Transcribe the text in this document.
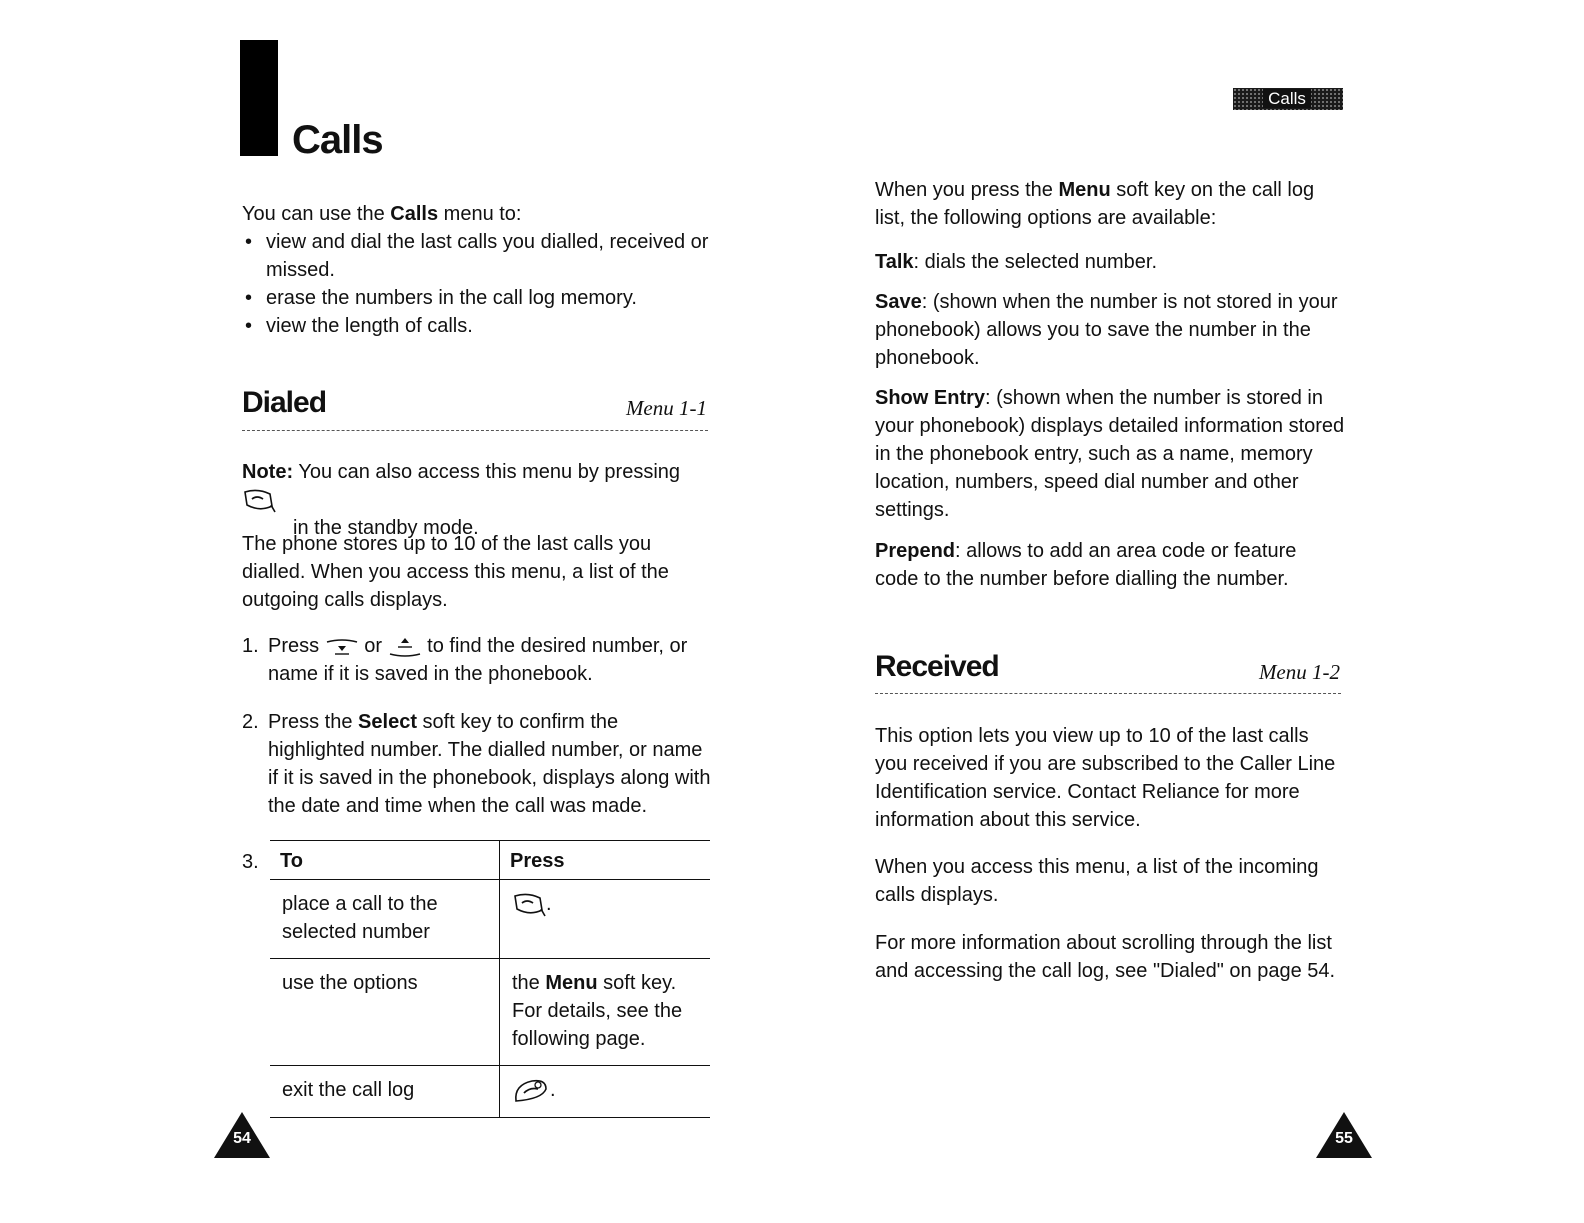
Calls
You can use the Calls menu to:
• view and dial the last calls you dialled, received or missed.
• erase the numbers in the call log memory.
• view the length of calls.
Dialed	Menu 1-1
Note: You can also access this menu by pressing
in the standby mode.
The phone stores up to 10 of the last calls you dialled. When you access this menu, a list of the outgoing calls displays.
1. Press or to find the desired number, or name if it is saved in the phonebook.
2. Press the Select soft key to confirm the highlighted number. The dialled number, or name if it is saved in the phonebook, displays along with the date and time when the call was made.
3. To	Press
place a call to the selected number	.
use the options	the Menu soft key. For details, see the following page.
exit the call log	.
54
Calls
When you press the Menu soft key on the call log list, the following options are available:
Talk: dials the selected number.
Save: (shown when the number is not stored in your phonebook) allows you to save the number in the phonebook.
Show Entry: (shown when the number is stored in your phonebook) displays detailed information stored in the phonebook entry, such as a name, memory location, numbers, speed dial number and other settings.
Prepend: allows to add an area code or feature code to the number before dialling the number.
Received	Menu 1-2
This option lets you view up to 10 of the last calls you received if you are subscribed to the Caller Line Identification service. Contact Reliance for more information about this service.
When you access this menu, a list of the incoming calls displays.
For more information about scrolling through the list and accessing the call log, see "Dialed" on page 54.
55
